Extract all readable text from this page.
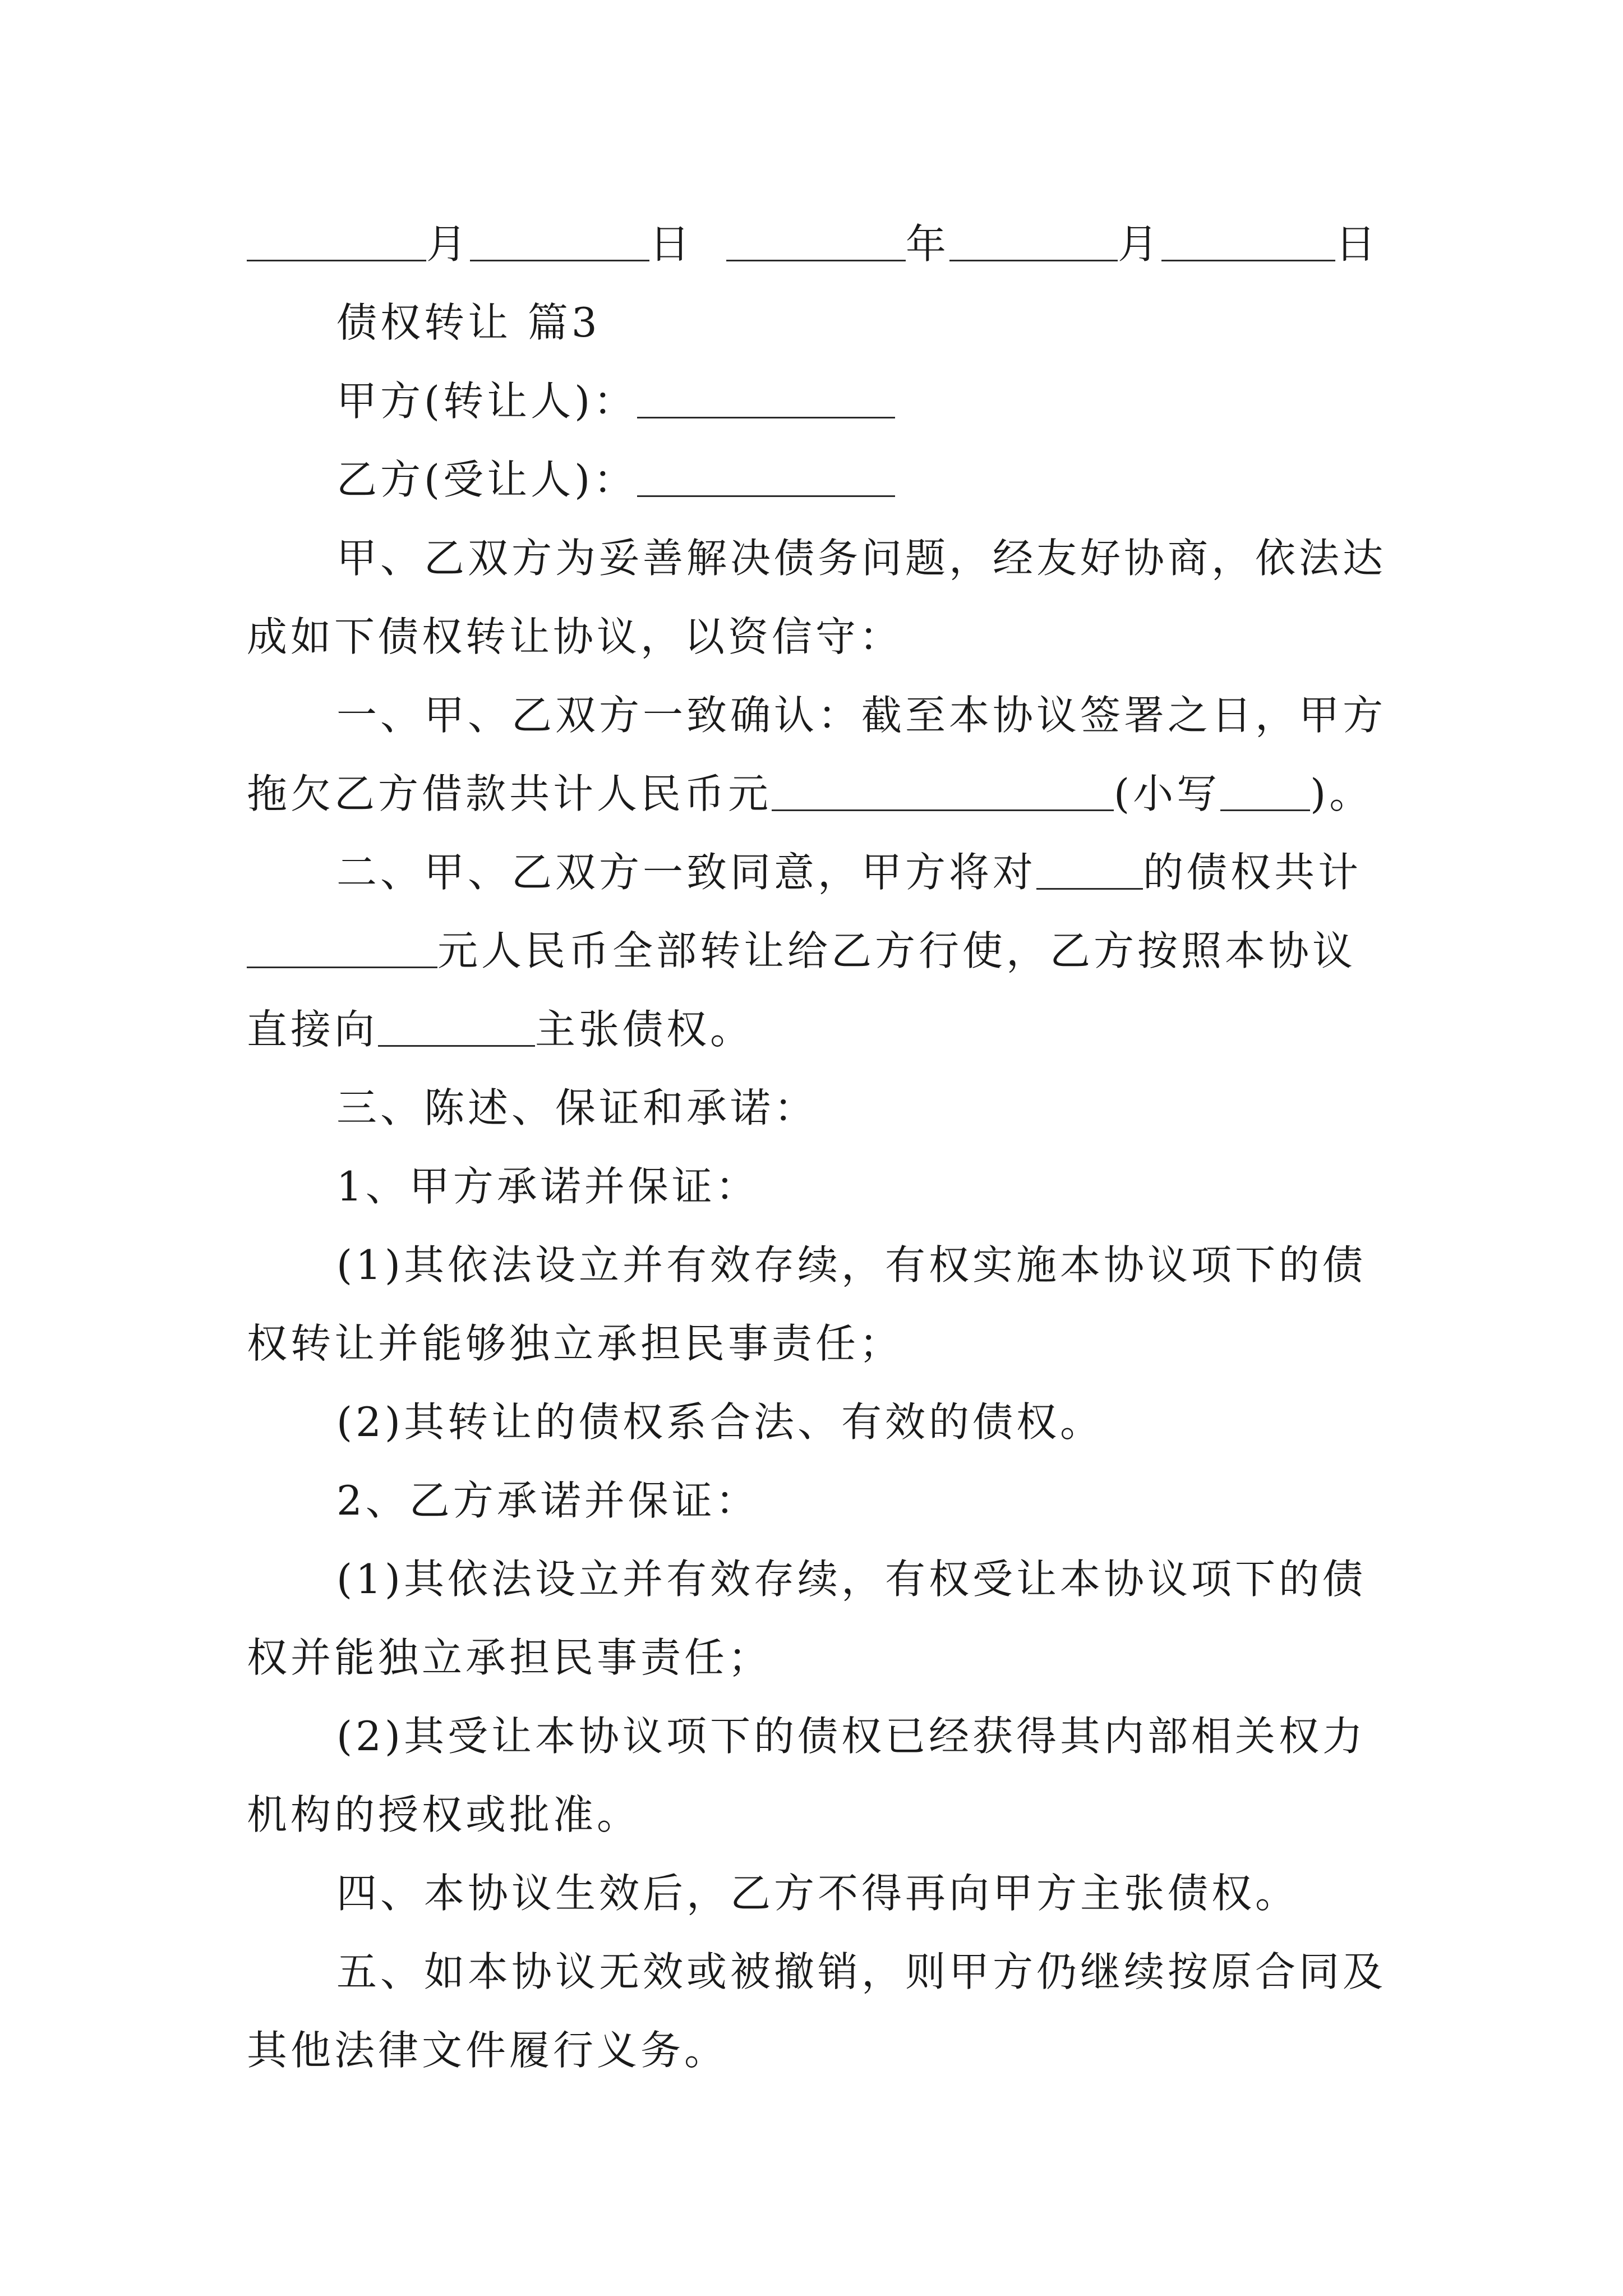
月	日	年	月	日
债权转让 篇3
甲方(转让人)：
乙方(受让人)：
甲、乙双方为妥善解决债务问题，经友好协商，依法达
成如下债权转让协议，以资信守：
一、甲、乙双方一致确认：截至本协议签署之日，甲方
拖欠乙方借款共计人民币元	(小写 )。
二、甲、乙双方一致同意，甲方将对	的债权共计
元人民币全部转让给乙方行使，乙方按照本协议
直接向	主张债权。
三、陈述、保证和承诺：
1、甲方承诺并保证：
(1)其依法设立并有效存续，有权实施本协议项下的债
权转让并能够独立承担民事责任；
(2)其转让的债权系合法、有效的债权。
2、乙方承诺并保证：
(1)其依法设立并有效存续，有权受让本协议项下的债
权并能独立承担民事责任；
(2)其受让本协议项下的债权已经获得其内部相关权力
机构的授权或批准。
四、本协议生效后，乙方不得再向甲方主张债权。
五、如本协议无效或被撤销，则甲方仍继续按原合同及
其他法律文件履行义务。
